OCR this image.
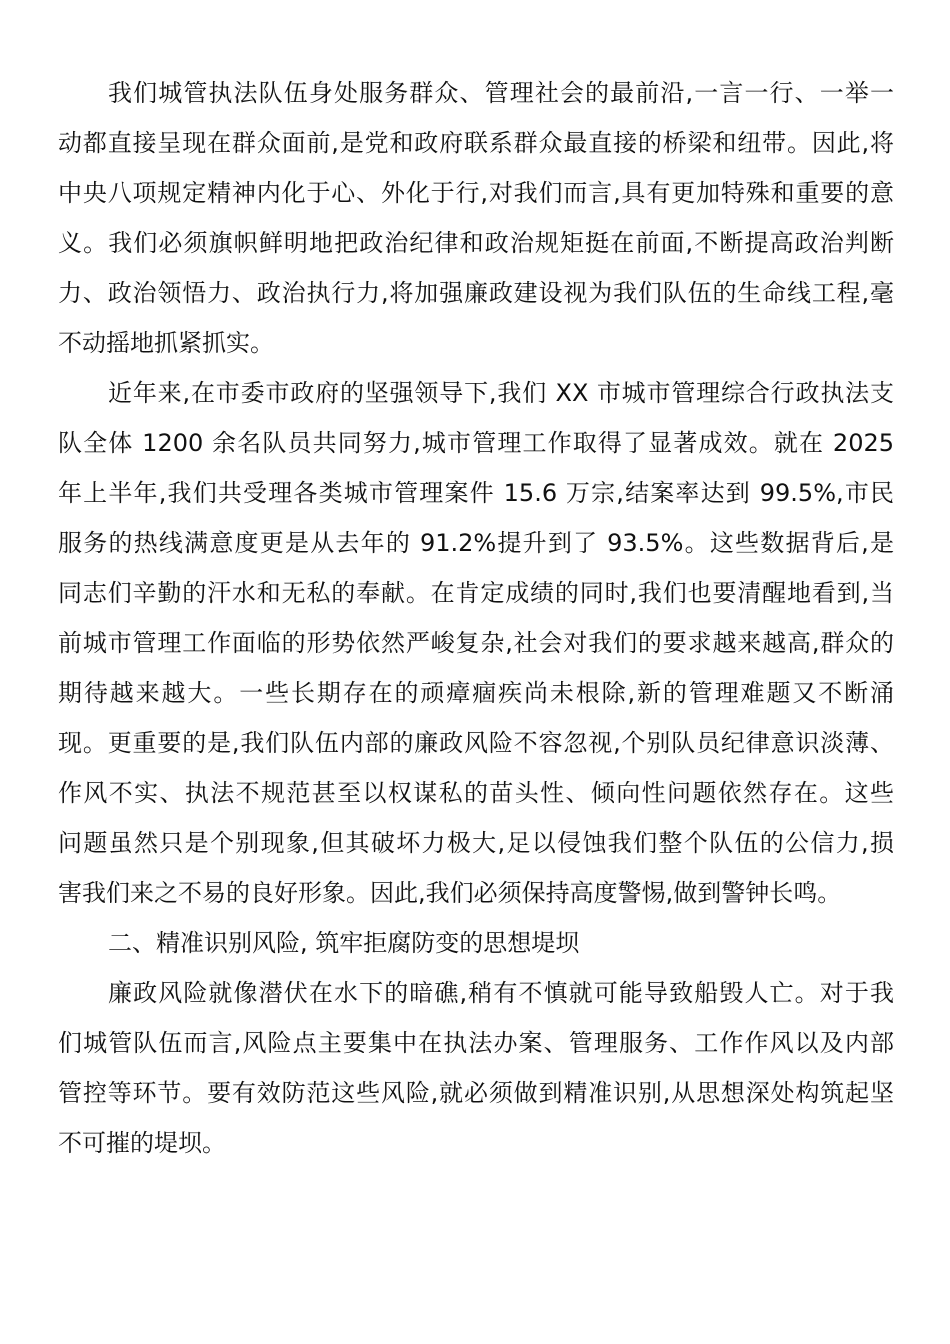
我们城管执法队伍身处服务群众、管理社会的最前沿,一言一行、一举一
动都直接呈现在群众面前,是党和政府联系群众最直接的桥梁和纽带。因此,将
中央八项规定精神内化于心、外化于行,对我们而言,具有更加特殊和重要的意
义。我们必须旗帜鲜明地把政治纪律和政治规矩挺在前面,不断提高政治判断
力、政治领悟力、政治执行力,将加强廉政建设视为我们队伍的生命线工程,毫
不动摇地抓紧抓实。
近年来,在市委市政府的坚强领导下,我们 XX 市城市管理综合行政执法支
队全体 1200 余名队员共同努力,城市管理工作取得了显著成效。就在 2025
年上半年,我们共受理各类城市管理案件 15.6 万宗,结案率达到 99.5%,市民
服务的热线满意度更是从去年的 91.2%提升到了 93.5%。这些数据背后,是
同志们辛勤的汗水和无私的奉献。在肯定成绩的同时,我们也要清醒地看到,当
前城市管理工作面临的形势依然严峻复杂,社会对我们的要求越来越高,群众的
期待越来越大。一些长期存在的顽瘴痼疾尚未根除,新的管理难题又不断涌
现。更重要的是,我们队伍内部的廉政风险不容忽视,个别队员纪律意识淡薄、
作风不实、执法不规范甚至以权谋私的苗头性、倾向性问题依然存在。这些
问题虽然只是个别现象,但其破坏力极大,足以侵蚀我们整个队伍的公信力,损
害我们来之不易的良好形象。因此,我们必须保持高度警惕,做到警钟长鸣。
二、精准识别风险, 筑牢拒腐防变的思想堤坝
廉政风险就像潜伏在水下的暗礁,稍有不慎就可能导致船毁人亡。对于我
们城管队伍而言,风险点主要集中在执法办案、管理服务、工作作风以及内部
管控等环节。要有效防范这些风险,就必须做到精准识别,从思想深处构筑起坚
不可摧的堤坝。
